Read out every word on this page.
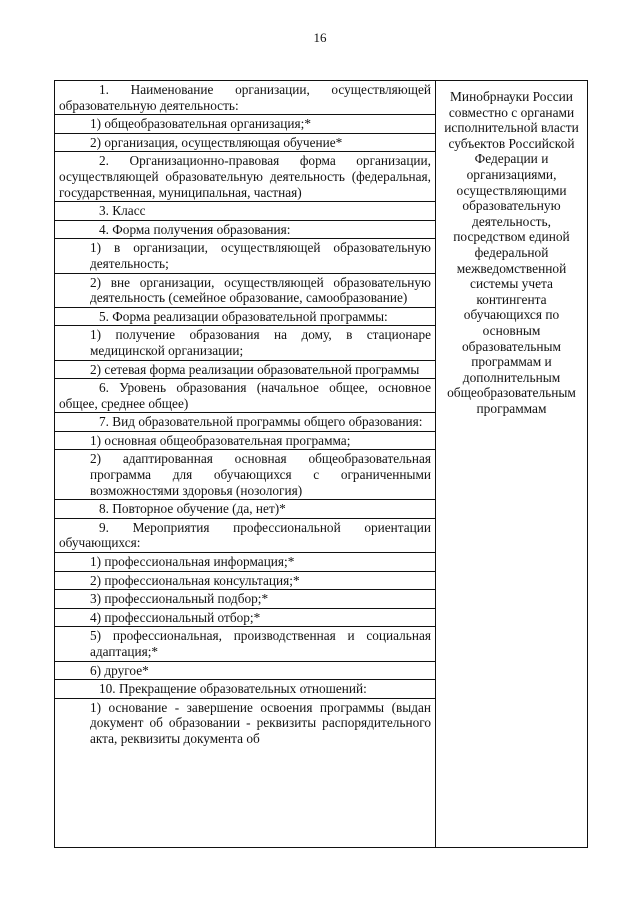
16
1. Наименование организации, осуществляющей образовательную деятельность:
1) общеобразовательная организация;*
2) организация, осуществляющая обучение*
2. Организационно-правовая форма организации, осуществляющей образовательную деятельность (федеральная, государственная, муниципальная, частная)
3. Класс
4. Форма получения образования:
1) в организации, осуществляющей образовательную деятельность;
2) вне организации, осуществляющей образовательную деятельность (семейное образование, самообразование)
5. Форма реализации образовательной программы:
1) получение образования на дому, в стационаре медицинской организации;
2) сетевая форма реализации образовательной программы
6. Уровень образования (начальное общее, основное общее, среднее общее)
7. Вид образовательной программы общего образования:
1) основная общеобразовательная программа;
2) адаптированная основная общеобразовательная программа для обучающихся с ограниченными возможностями здоровья (нозология)
8. Повторное обучение (да, нет)*
9. Мероприятия профессиональной ориентации обучающихся:
1) профессиональная информация;*
2) профессиональная консультация;*
3) профессиональный подбор;*
4) профессиональный отбор;*
5) профессиональная, производственная и социальная адаптация;*
6) другое*
10. Прекращение образовательных отношений:
1) основание - завершение освоения программы (выдан документ об образовании - реквизиты распорядительного акта, реквизиты документа об
Минобрнауки России совместно с органами исполнительной власти субъектов Российской Федерации и организациями, осуществляющими образовательную деятельность, посредством единой федеральной межведомственной системы учета контингента обучающихся по основным образовательным программам и дополнительным общеобразовательным программам
